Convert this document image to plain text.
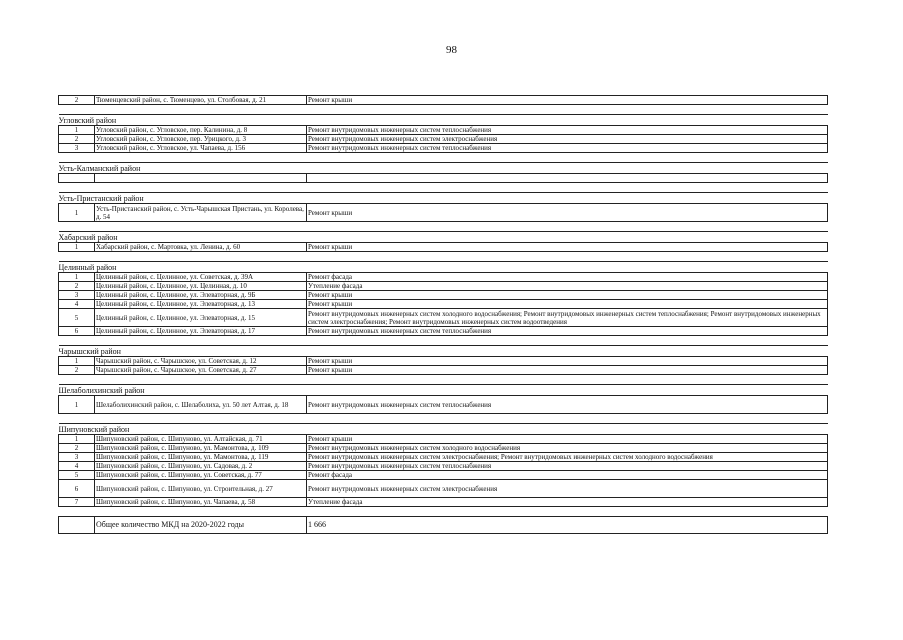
98
2	Тюменцевский район, с. Тюменцево, ул. Столбовая, д. 21	Ремонт крыши

Угловский район		
1	Угловский район, с. Угловское, пер. Калинина, д. 8	Ремонт внутридомовых инженерных систем теплоснабжения
2	Угловский район, с. Угловское, пер. Урицкого, д. 3	Ремонт внутридомовых инженерных систем электроснабжения
3	Угловский район, с. Угловское, ул. Чапаева, д. 156	Ремонт внутридомовых инженерных систем теплоснабжения

Усть-Калманский район		

Усть-Пристанский район		
1	Усть-Пристанский район, с. Усть-Чарышская Пристань, ул. Королева, д. 54	Ремонт крыши

Хабарский район		
1	Хабарский район, с. Мартовка, ул. Ленина, д. 60	Ремонт крыши

Целинный район		
1	Целинный район, с. Целинное, ул. Советская, д. 39А	Ремонт фасада
2	Целинный район, с. Целинное, ул. Целинная, д. 10	Утепление фасада
3	Целинный район, с. Целинное, ул. Элеваторная, д. 9Б	Ремонт крыши
4	Целинный район, с. Целинное, ул. Элеваторная, д. 13	Ремонт крыши
5	Целинный район, с. Целинное, ул. Элеваторная, д. 15	Ремонт внутридомовых инженерных систем холодного водоснабжения; Ремонт внутридомовых инженерных систем теплоснабжения; Ремонт внутридомовых инженерных систем электроснабжения; Ремонт внутридомовых инженерных систем водоотведения
6	Целинный район, с. Целинное, ул. Элеваторная, д. 17	Ремонт внутридомовых инженерных систем теплоснабжения

Чарышский район		
1	Чарышский район, с. Чарышское, ул. Советская, д. 12	Ремонт крыши
2	Чарышский район, с. Чарышское, ул. Советская, д. 27	Ремонт крыши

Шелаболихинский район		
1	Шелаболихинский район, с. Шелаболиха, ул. 50 лет Алтая, д. 18	Ремонт внутридомовых инженерных систем теплоснабжения

Шипуновский район		
1	Шипуновский район, с. Шипуново, ул. Алтайская, д. 71	Ремонт крыши
2	Шипуновский район, с. Шипуново, ул. Мамонтова, д. 109	Ремонт внутридомовых инженерных систем холодного водоснабжения
3	Шипуновский район, с. Шипуново, ул. Мамонтова, д. 119	Ремонт внутридомовых инженерных систем электроснабжения; Ремонт внутридомовых инженерных систем холодного водоснабжения
4	Шипуновский район, с. Шипуново, ул. Садовая, д. 2	Ремонт внутридомовых инженерных систем теплоснабжения
5	Шипуновский район, с. Шипуново, ул. Советская, д. 77	Ремонт фасада
6	Шипуновский район, с. Шипуново, ул. Строительная, д. 27	Ремонт внутридомовых инженерных систем электроснабжения
7	Шипуновский район, с. Шипуново, ул. Чапаева, д. 58	Утепление фасада

	Общее количество МКД на 2020-2022 годы	1 666
